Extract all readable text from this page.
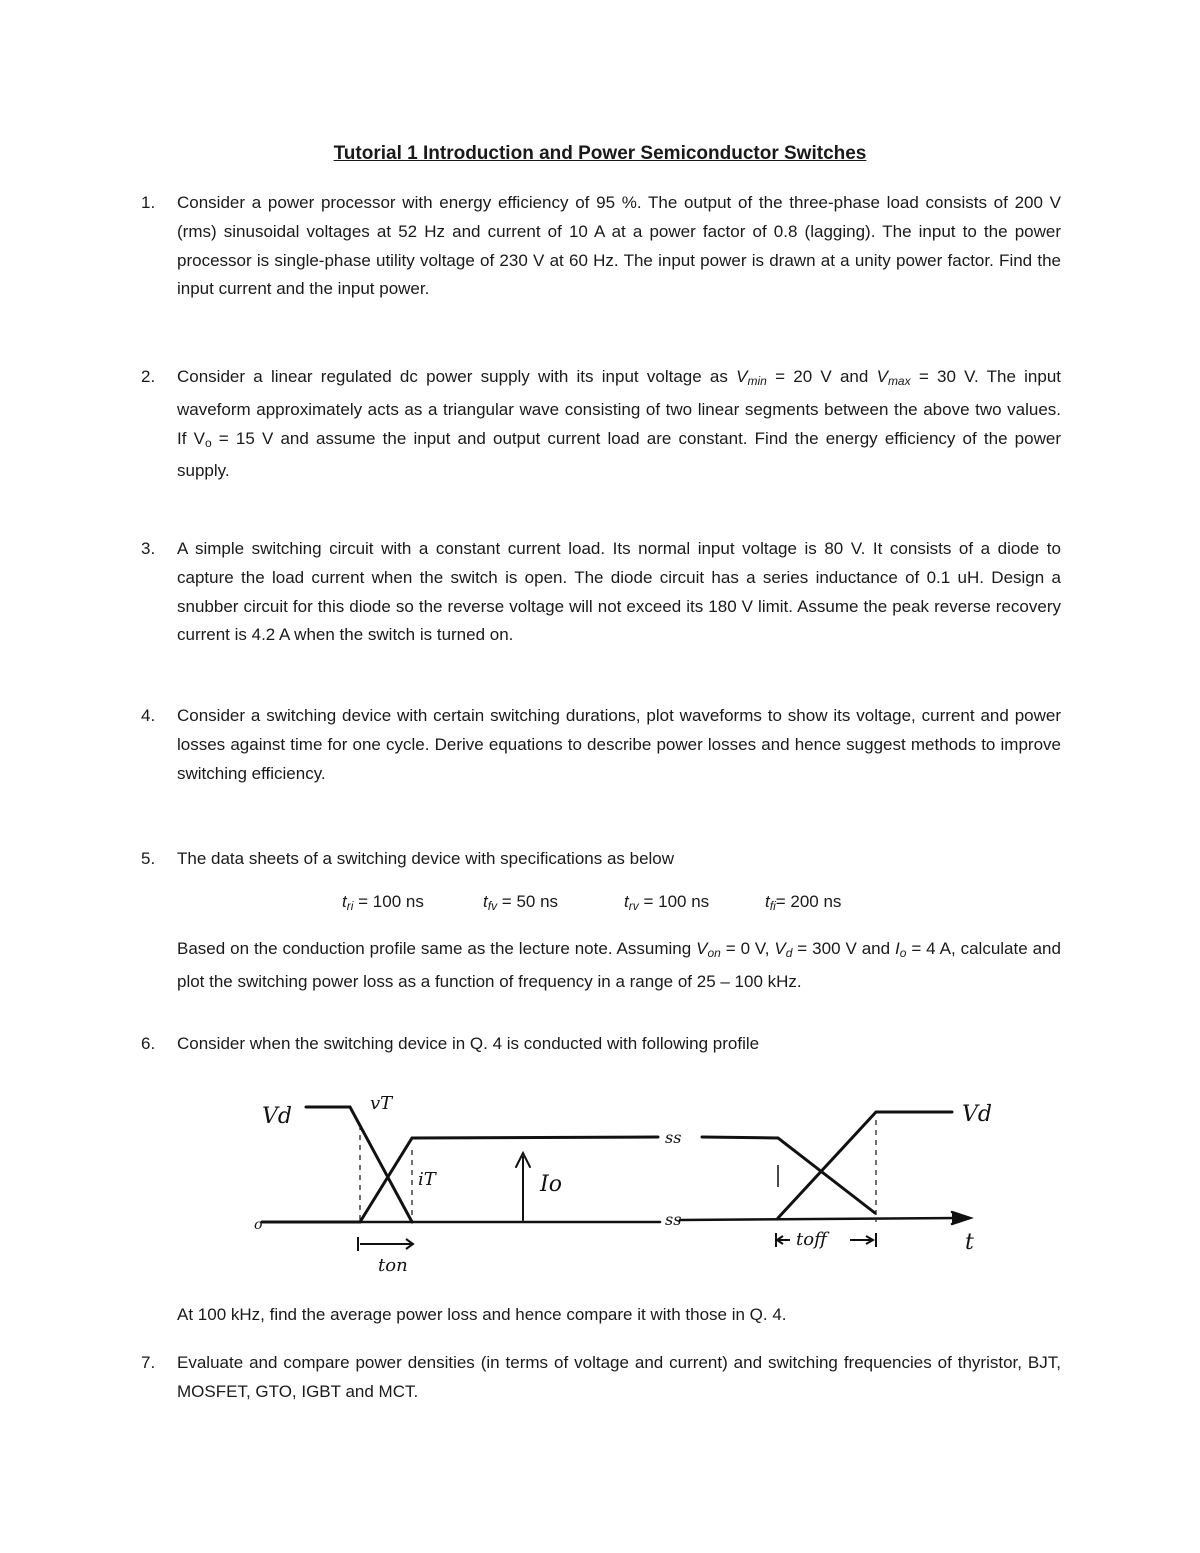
Tutorial 1 Introduction and Power Semiconductor Switches
1.	Consider a power processor with energy efficiency of 95 %. The output of the three-phase load consists of 200 V (rms) sinusoidal voltages at 52 Hz and current of 10 A at a power factor of 0.8 (lagging). The input to the power processor is single-phase utility voltage of 230 V at 60 Hz. The input power is drawn at a unity power factor. Find the input current and the input power.

2.	Consider a linear regulated dc power supply with its input voltage as $V_{min} = 20$ V and $V_{max} = 30$ V. The input waveform approximately acts as a triangular wave consisting of two linear segments between the above two values. If Vo = 15 V and assume the input and output current load are constant. Find the energy efficiency of the power supply.

3.	A simple switching circuit with a constant current load. Its normal input voltage is 80 V. It consists of a diode to capture the load current when the switch is open. The diode circuit has a series inductance of 0.1 uH. Design a snubber circuit for this diode so the reverse voltage will not exceed its 180 V limit. Assume the peak reverse recovery current is 4.2 A when the switch is turned on.

4.	Consider a switching device with certain switching durations, plot waveforms to show its voltage, current and power losses against time for one cycle. Derive equations to describe power losses and hence suggest methods to improve switching efficiency.

5.	The data sheets of a switching device with specifications as below

$t_{ri} = 100$ ns	$t_{fv} = 50$ ns	$t_{rv} = 100$ ns	$t_{fi}= 200$ ns

Based on the conduction profile same as the lecture note. Assuming $V_{on} = 0$ V, $V_d = 300$ V and $I_o = 4$ A, calculate and plot the switching power loss as a function of frequency in a range of 25 – 100 kHz.

6.	Consider when the switching device in Q. 4 is conducted with following profile

ss
ss
Vd	Vd
vT
iT	Io
o
t
ton
toff
At 100 kHz, find the average power loss and hence compare it with those in Q. 4.
7.	Evaluate and compare power densities (in terms of voltage and current) and switching frequencies of thyristor, BJT, MOSFET, GTO, IGBT and MCT.
